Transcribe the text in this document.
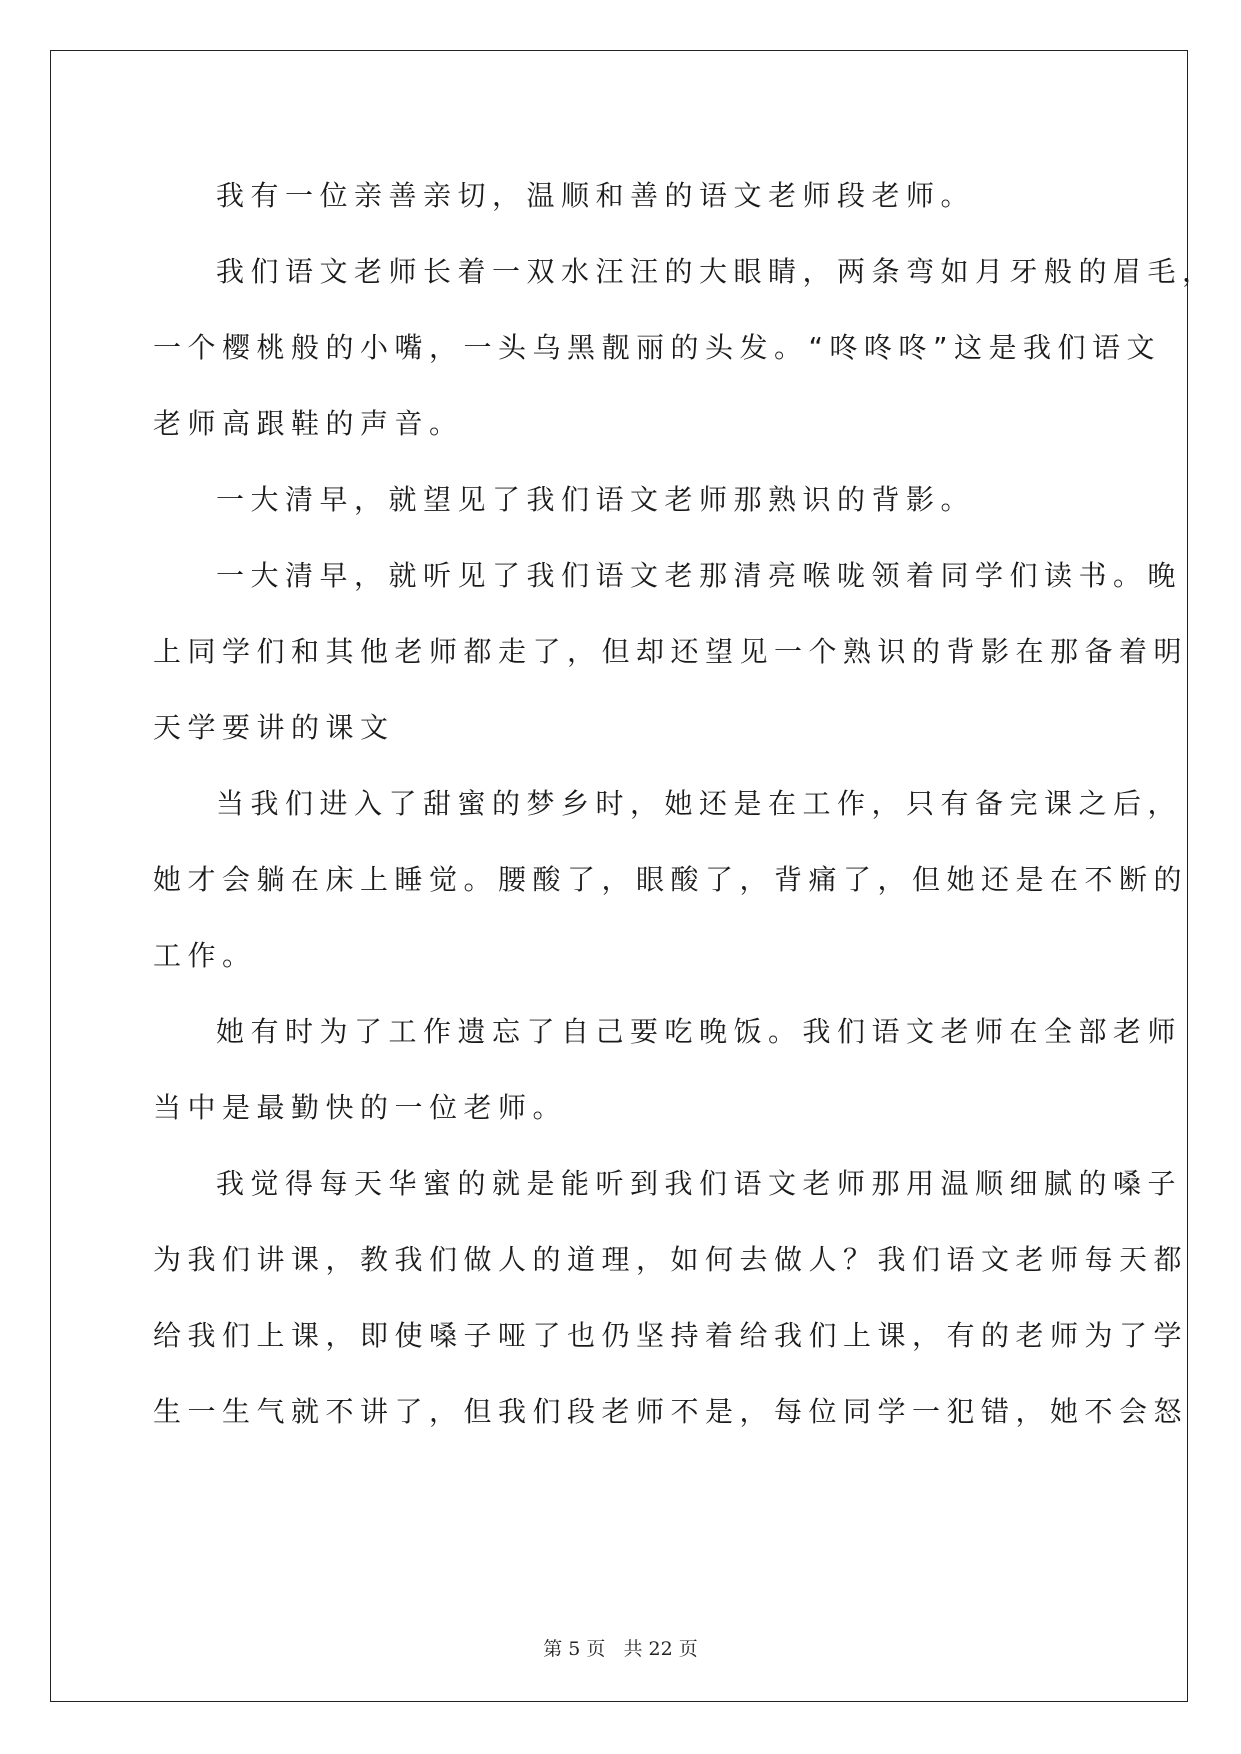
我有一位亲善亲切，温顺和善的语文老师段老师。
我们语文老师长着一双水汪汪的大眼睛，两条弯如月牙般的眉毛，
一个樱桃般的小嘴，一头乌黑靓丽的头发。“咚咚咚”这是我们语文
老师高跟鞋的声音。
一大清早，就望见了我们语文老师那熟识的背影。
一大清早，就听见了我们语文老那清亮喉咙领着同学们读书。晚
上同学们和其他老师都走了，但却还望见一个熟识的背影在那备着明
天学要讲的课文
当我们进入了甜蜜的梦乡时，她还是在工作，只有备完课之后，
她才会躺在床上睡觉。腰酸了，眼酸了，背痛了，但她还是在不断的
工作。
她有时为了工作遗忘了自己要吃晚饭。我们语文老师在全部老师
当中是最勤快的一位老师。
我觉得每天华蜜的就是能听到我们语文老师那用温顺细腻的嗓子
为我们讲课，教我们做人的道理，如何去做人？我们语文老师每天都
给我们上课，即使嗓子哑了也仍坚持着给我们上课，有的老师为了学
生一生气就不讲了，但我们段老师不是，每位同学一犯错，她不会怒
第 5 页 共 22 页
